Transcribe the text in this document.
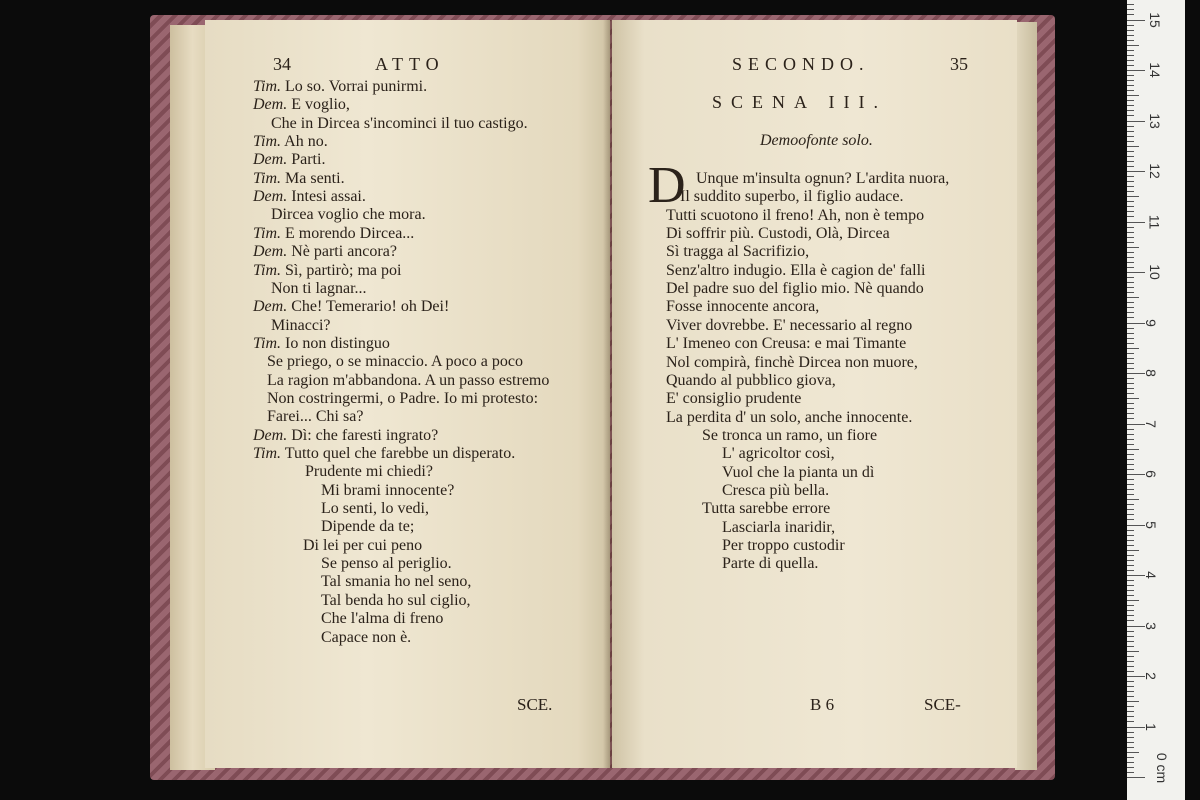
34	ATTO
Tim. Lo so. Vorrai punirmi.
Dem. E voglio,
Che in Dircea s'incominci il tuo castigo.
Tim. Ah no.
Dem. Parti.
Tim. Ma senti.
Dem. Intesi assai.
Dircea voglio che mora.
Tim. E morendo Dircea...
Dem. Nè parti ancora?
Tim. Sì, partirò; ma poi
Non ti lagnar...
Dem. Che! Temerario! oh Dei!
Minacci?
Tim. Io non distinguo
Se priego, o se minaccio. A poco a poco
La ragion m'abbandona. A un passo estremo
Non costringermi, o Padre. Io mi protesto:
Farei... Chi sa?
Dem. Dì: che faresti ingrato?
Tim. Tutto quel che farebbe un disperato.
Prudente mi chiedi?
Mi brami innocente?
Lo senti, lo vedi,
Dipende da te;
Di lei per cui peno
Se penso al periglio.
Tal smania ho nel seno,
Tal benda ho sul ciglio,
Che l'alma di freno
Capace non è.
SCE.
SECONDO.	35
SCENA III.
Demoofonte solo.
D Unque m'insulta ognun? L'ardita nuora,
Il suddito superbo, il figlio audace.
Tutti scuotono il freno! Ah, non è tempo
Di soffrir più. Custodi, Olà, Dircea
Sì tragga al Sacrifizio,
Senz'altro indugio. Ella è cagion de' falli
Del padre suo del figlio mio. Nè quando
Fosse innocente ancora,
Viver dovrebbe. E' necessario al regno
L' Imeneo con Creusa: e mai Timante
Nol compirà, finchè Dircea non muore,
Quando al pubblico giova,
E' consiglio prudente
La perdita d' un solo, anche innocente.
Se tronca un ramo, un fiore
L' agricoltor così,
Vuol che la pianta un dì
Cresca più bella.
Tutta sarebbe errore
Lasciarla inaridir,
Per troppo custodir
Parte di quella.
B 6	SCE-
1
2
3
4
5
6
7
8
9
10
11
12
13
14
15
0 cm
